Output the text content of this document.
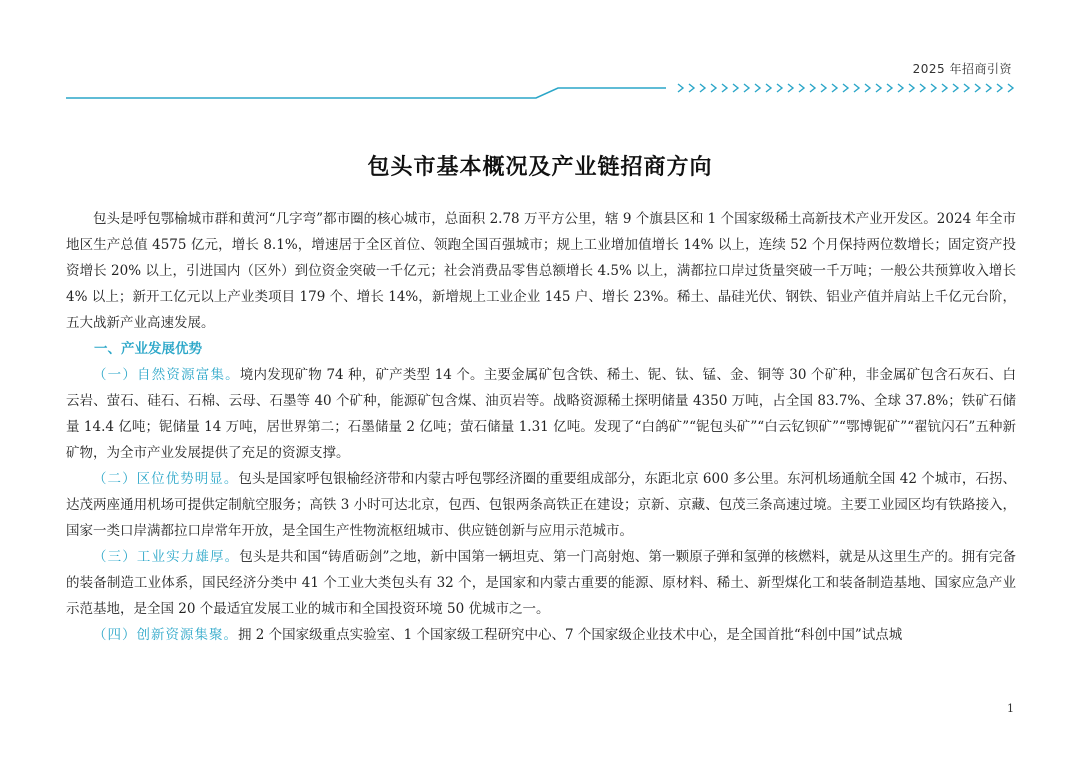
2025 年招商引资
包头市基本概况及产业链招商方向

包头是呼包鄂榆城市群和黄河“几字弯”都市圈的核心城市，总面积 2.78 万平方公里，辖 9 个旗县区和 1 个国家级稀土高新技术产业开发区。2024 年全市地区生产总值 4575 亿元，增长 8.1%，增速居于全区首位、领跑全国百强城市；规上工业增加值增长 14% 以上，连续 52 个月保持两位数增长；固定资产投资增长 20% 以上，引进国内（区外）到位资金突破一千亿元；社会消费品零售总额增长 4.5% 以上，满都拉口岸过货量突破一千万吨；一般公共预算收入增长 4% 以上；新开工亿元以上产业类项目 179 个、增长 14%，新增规上工业企业 145 户、增长 23%。稀土、晶硅光伏、钢铁、铝业产值并肩站上千亿元台阶，五大战新产业高速发展。

一、产业发展优势

（一）自然资源富集。境内发现矿物 74 种，矿产类型 14 个。主要金属矿包含铁、稀土、铌、钛、锰、金、铜等 30 个矿种，非金属矿包含石灰石、白云岩、萤石、硅石、石棉、云母、石墨等 40 个矿种，能源矿包含煤、油页岩等。战略资源稀土探明储量 4350 万吨，占全国 83.7%、全球 37.8%；铁矿石储量 14.4 亿吨；铌储量 14 万吨，居世界第二；石墨储量 2 亿吨；萤石储量 1.31 亿吨。发现了“白鸽矿”“铌包头矿”“白云钇钡矿”“鄂博铌矿”“翟钪闪石”五种新矿物，为全市产业发展提供了充足的资源支撑。

（二）区位优势明显。包头是国家呼包银榆经济带和内蒙古呼包鄂经济圈的重要组成部分，东距北京 600 多公里。东河机场通航全国 42 个城市，石拐、达茂两座通用机场可提供定制航空服务；高铁 3 小时可达北京，包西、包银两条高铁正在建设；京新、京藏、包茂三条高速过境。主要工业园区均有铁路接入，国家一类口岸满都拉口岸常年开放，是全国生产性物流枢纽城市、供应链创新与应用示范城市。

（三）工业实力雄厚。包头是共和国“铸盾砺剑”之地，新中国第一辆坦克、第一门高射炮、第一颗原子弹和氢弹的核燃料，就是从这里生产的。拥有完备的装备制造工业体系，国民经济分类中 41 个工业大类包头有 32 个，是国家和内蒙古重要的能源、原材料、稀土、新型煤化工和装备制造基地、国家应急产业示范基地，是全国 20 个最适宜发展工业的城市和全国投资环境 50 优城市之一。

（四）创新资源集聚。拥 2 个国家级重点实验室、1 个国家级工程研究中心、7 个国家级企业技术中心，是全国首批“科创中国”试点城

1
